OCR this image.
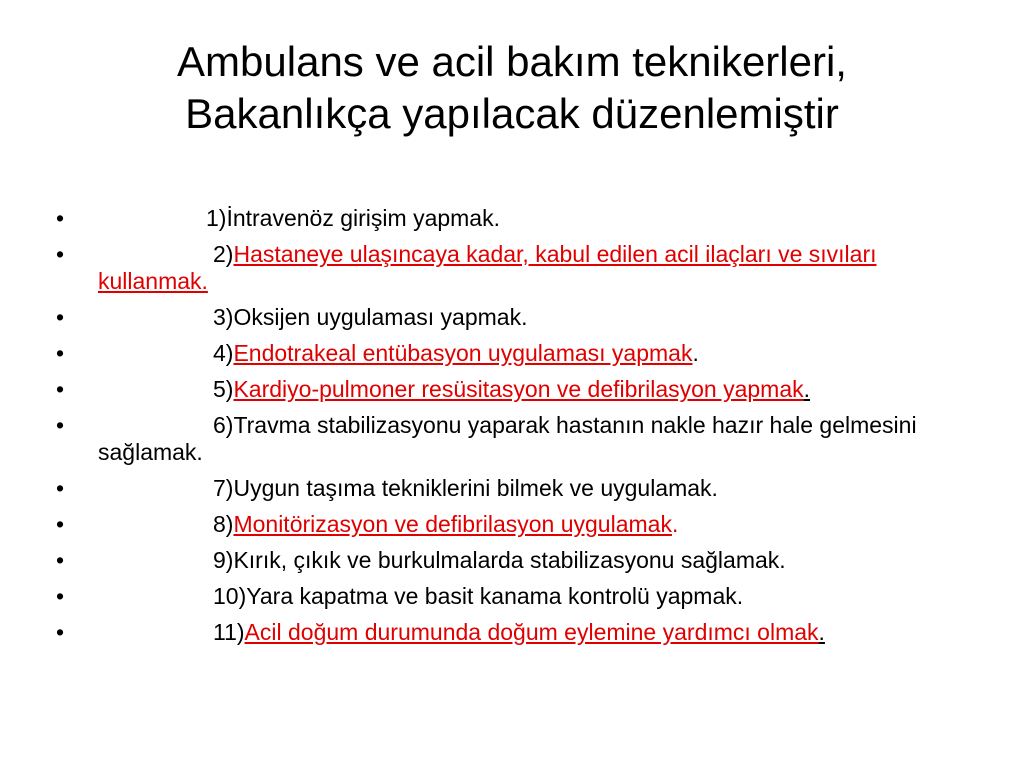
Ambulans ve acil bakım teknikerleri,
Bakanlıkça yapılacak düzenlemiştir
•	1)İntravenöz girişim yapmak.
•	2)Hastaneye ulaşıncaya kadar, kabul edilen acil ilaçları ve sıvıları kullanmak.
•	3)Oksijen uygulaması yapmak.
•	4)Endotrakeal entübasyon uygulaması yapmak.
•	5)Kardiyo-pulmoner resüsitasyon ve defibrilasyon yapmak.
•	6)Travma stabilizasyonu yaparak hastanın nakle hazır hale gelmesini sağlamak.
•	7)Uygun taşıma tekniklerini bilmek ve uygulamak.
•	8)Monitörizasyon ve defibrilasyon uygulamak.
•	9)Kırık, çıkık ve burkulmalarda stabilizasyonu sağlamak.
•	10)Yara kapatma ve basit kanama kontrolü yapmak.
•	11)Acil doğum durumunda doğum eylemine yardımcı olmak.
